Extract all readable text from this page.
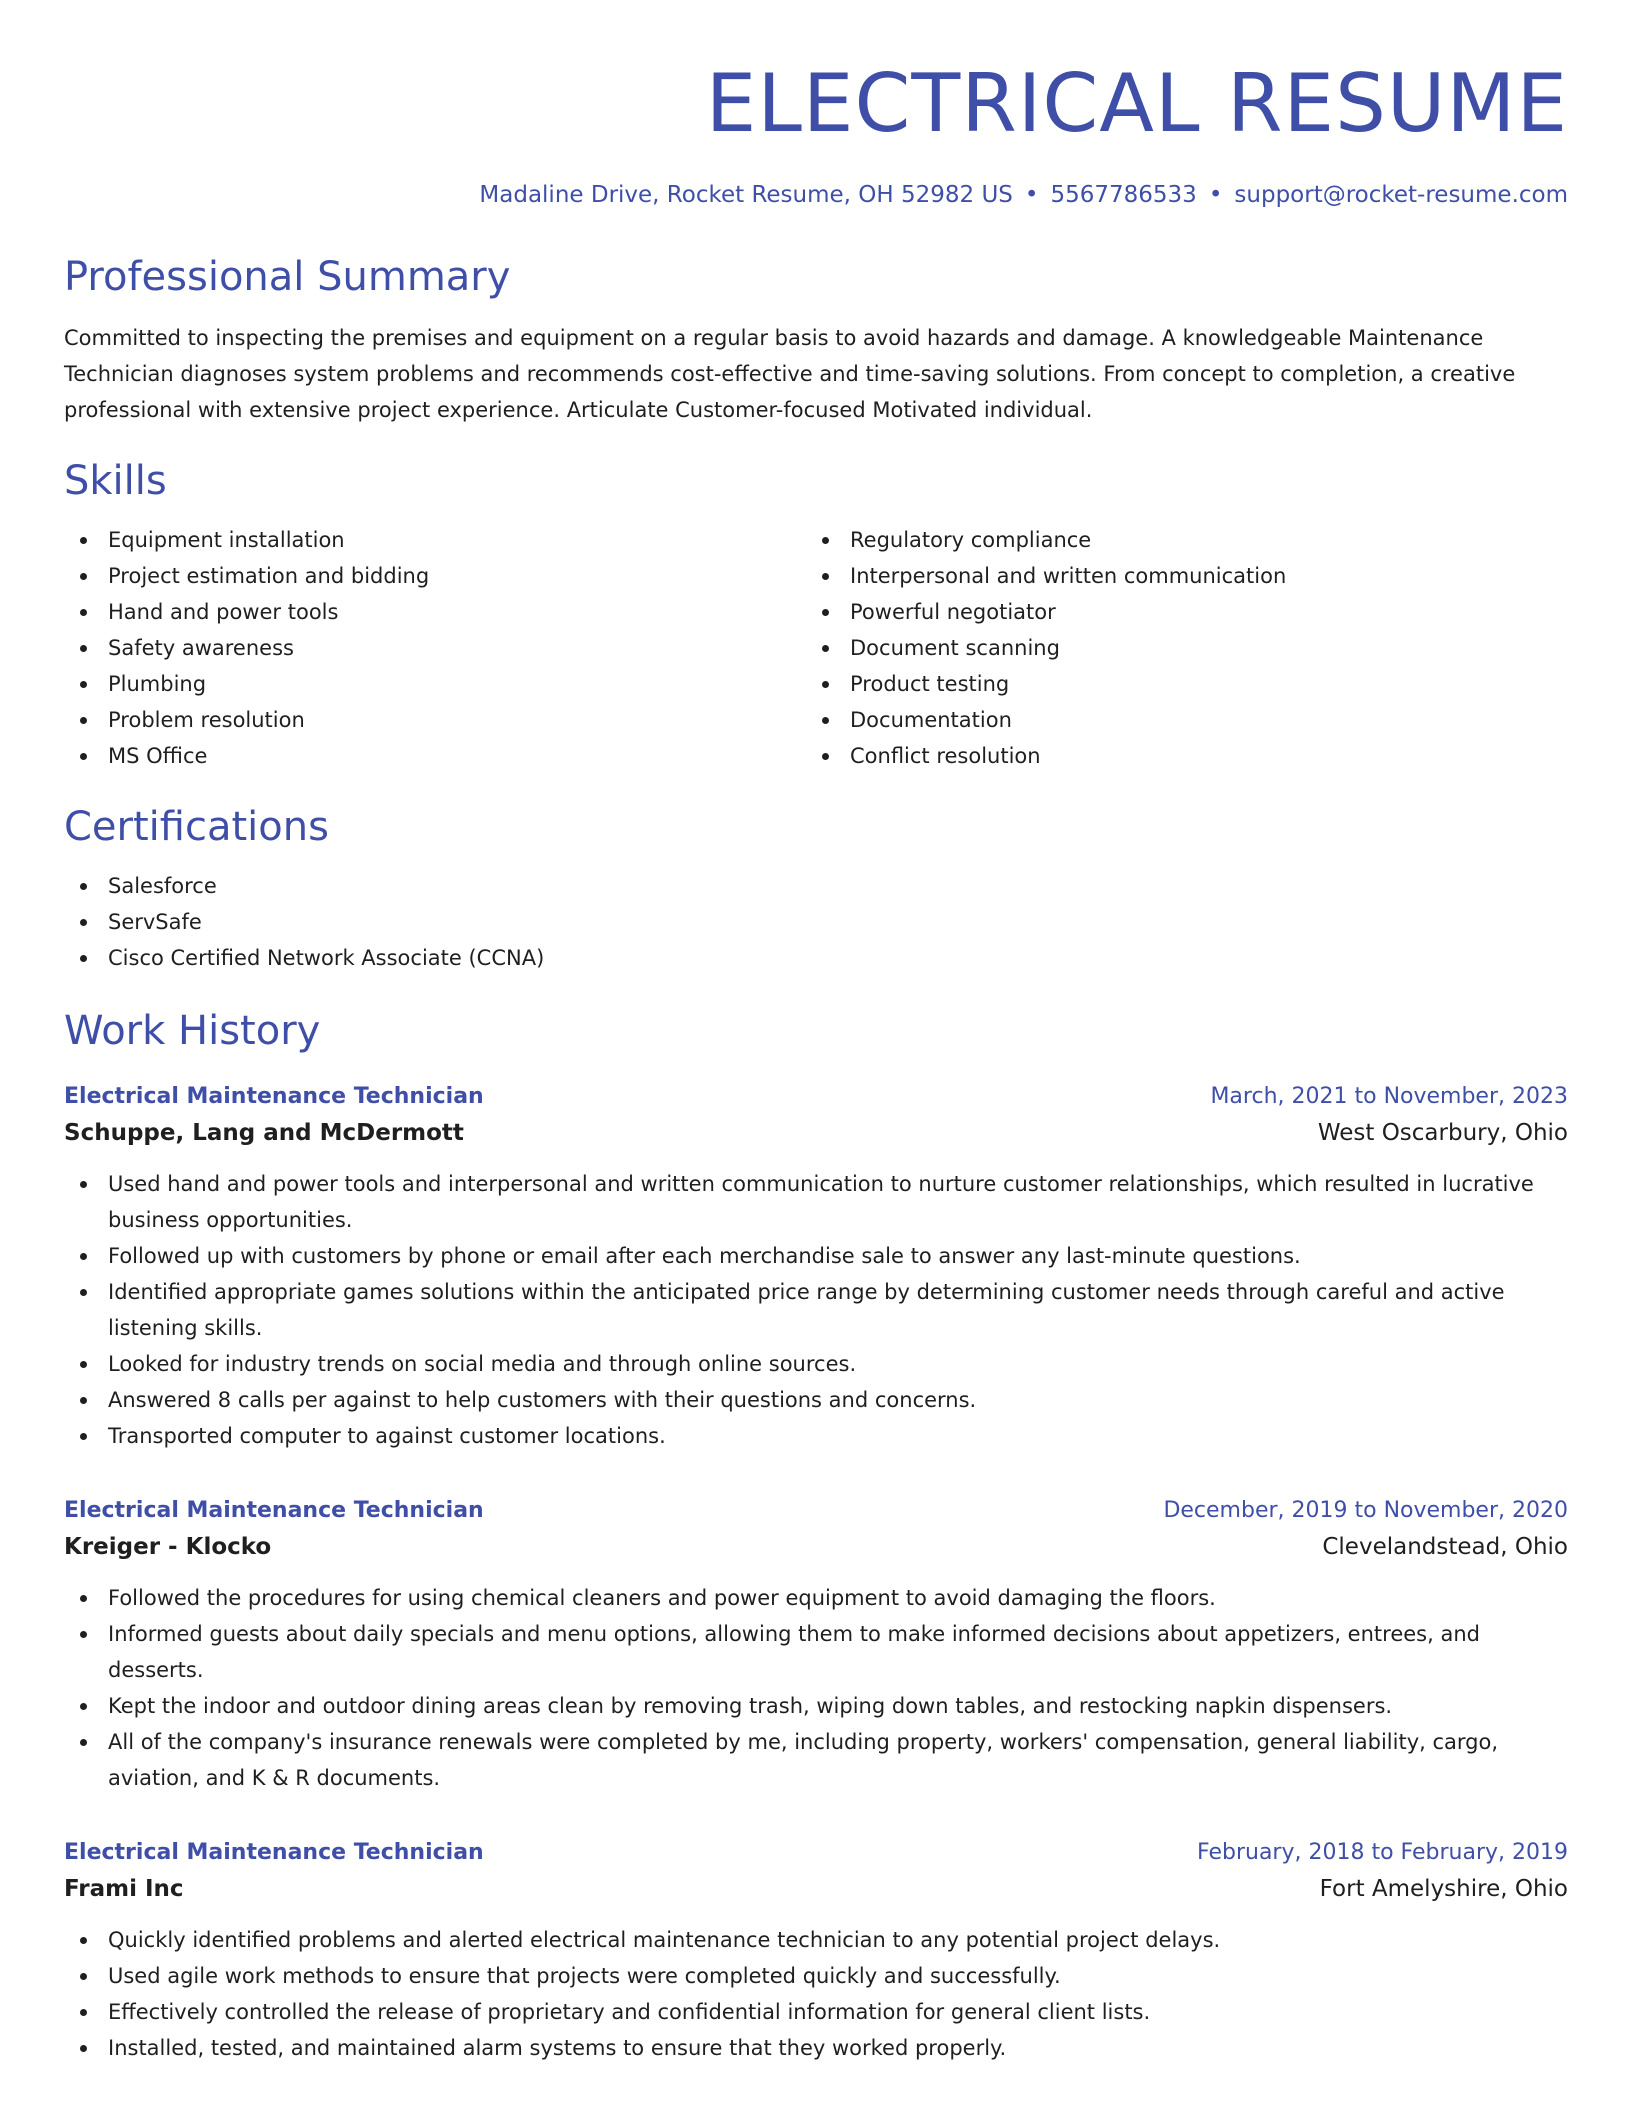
ELECTRICAL RESUME
Madaline Drive, Rocket Resume, OH 52982 US • 5567786533 • support@rocket-resume.com
Professional Summary
Committed to inspecting the premises and equipment on a regular basis to avoid hazards and damage. A knowledgeable Maintenance Technician diagnoses system problems and recommends cost-effective and time-saving solutions. From concept to completion, a creative professional with extensive project experience. Articulate Customer-focused Motivated individual.
Skills
Equipment installation
Project estimation and bidding
Hand and power tools
Safety awareness
Plumbing
Problem resolution
MS Office
Regulatory compliance
Interpersonal and written communication
Powerful negotiator
Document scanning
Product testing
Documentation
Conflict resolution
Certifications
Salesforce
ServSafe
Cisco Certified Network Associate (CCNA)
Work History
Electrical Maintenance Technician	March, 2021 to November, 2023
Schuppe, Lang and McDermott	West Oscarbury, Ohio
Used hand and power tools and interpersonal and written communication to nurture customer relationships, which resulted in lucrative business opportunities.
Followed up with customers by phone or email after each merchandise sale to answer any last-minute questions.
Identified appropriate games solutions within the anticipated price range by determining customer needs through careful and active listening skills.
Looked for industry trends on social media and through online sources.
Answered 8 calls per against to help customers with their questions and concerns.
Transported computer to against customer locations.
Electrical Maintenance Technician	December, 2019 to November, 2020
Kreiger - Klocko	Clevelandstead, Ohio
Followed the procedures for using chemical cleaners and power equipment to avoid damaging the floors.
Informed guests about daily specials and menu options, allowing them to make informed decisions about appetizers, entrees, and desserts.
Kept the indoor and outdoor dining areas clean by removing trash, wiping down tables, and restocking napkin dispensers.
All of the company's insurance renewals were completed by me, including property, workers' compensation, general liability, cargo, aviation, and K & R documents.
Electrical Maintenance Technician	February, 2018 to February, 2019
Frami Inc	Fort Amelyshire, Ohio
Quickly identified problems and alerted electrical maintenance technician to any potential project delays.
Used agile work methods to ensure that projects were completed quickly and successfully.
Effectively controlled the release of proprietary and confidential information for general client lists.
Installed, tested, and maintained alarm systems to ensure that they worked properly.
